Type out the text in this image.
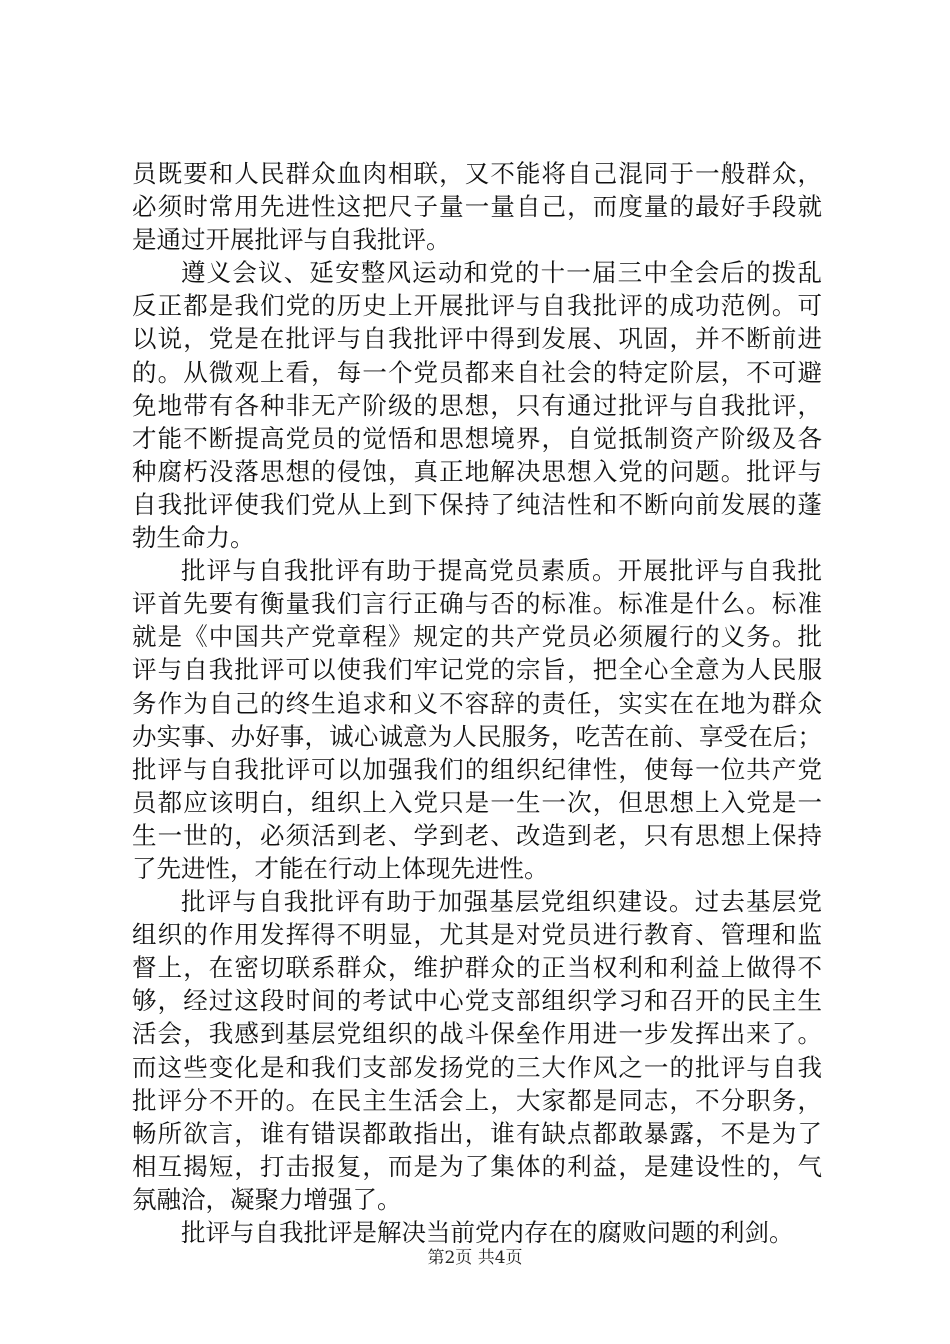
员既要和人民群众血肉相联，又不能将自己混同于一般群众，
必须时常用先进性这把尺子量一量自己，而度量的最好手段就
是通过开展批评与自我批评。
遵义会议、延安整风运动和党的十一届三中全会后的拨乱
反正都是我们党的历史上开展批评与自我批评的成功范例。可
以说，党是在批评与自我批评中得到发展、巩固，并不断前进
的。从微观上看，每一个党员都来自社会的特定阶层，不可避
免地带有各种非无产阶级的思想，只有通过批评与自我批评，
才能不断提高党员的觉悟和思想境界，自觉抵制资产阶级及各
种腐朽没落思想的侵蚀，真正地解决思想入党的问题。批评与
自我批评使我们党从上到下保持了纯洁性和不断向前发展的蓬
勃生命力。
批评与自我批评有助于提高党员素质。开展批评与自我批
评首先要有衡量我们言行正确与否的标准。标准是什么。标准
就是《中国共产党章程》规定的共产党员必须履行的义务。批
评与自我批评可以使我们牢记党的宗旨，把全心全意为人民服
务作为自己的终生追求和义不容辞的责任，实实在在地为群众
办实事、办好事，诚心诚意为人民服务，吃苦在前、享受在后；
批评与自我批评可以加强我们的组织纪律性，使每一位共产党
员都应该明白，组织上入党只是一生一次，但思想上入党是一
生一世的，必须活到老、学到老、改造到老，只有思想上保持
了先进性，才能在行动上体现先进性。
批评与自我批评有助于加强基层党组织建设。过去基层党
组织的作用发挥得不明显，尤其是对党员进行教育、管理和监
督上，在密切联系群众，维护群众的正当权利和利益上做得不
够，经过这段时间的考试中心党支部组织学习和召开的民主生
活会，我感到基层党组织的战斗保垒作用进一步发挥出来了。
而这些变化是和我们支部发扬党的三大作风之一的批评与自我
批评分不开的。在民主生活会上，大家都是同志，不分职务，
畅所欲言，谁有错误都敢指出，谁有缺点都敢暴露，不是为了
相互揭短，打击报复，而是为了集体的利益，是建设性的，气
氛融洽，凝聚力增强了。
批评与自我批评是解决当前党内存在的腐败问题的利剑。
第2页 共4页
